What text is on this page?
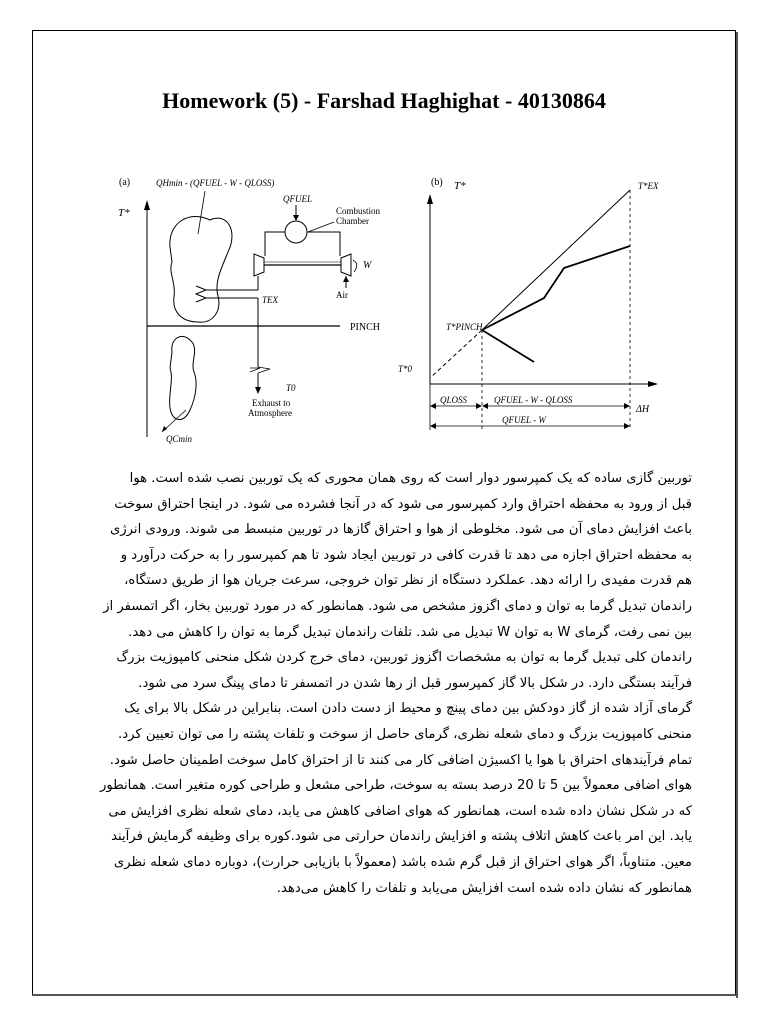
Homework (5) - Farshad Haghighat - 40130864
(a)
T*
QHmin - (QFUEL - W - QLOSS)
QFUEL
Combustion Chamber
W
Air
TEX
PINCH
QCmin
T0
Exhaust to Atmosphere
(b) T*	T*EX
ΔH
T*PINCH
T*0
QLOSS	QFUEL - W - QLOSS
QFUEL - W

توربین گازی ساده که یک کمپرسور دوار است که روی همان محوری که یک توربین نصب شده است. هوا

قبل از ورود به محفظه احتراق وارد کمپرسور می شود که در آنجا فشرده می شود. در اینجا احتراق سوخت

باعث افزایش دمای آن می شود. مخلوطی از هوا و احتراق گازها در توربین منبسط می شوند. ورودی انرژی

به محفظه احتراق اجازه می دهد تا قدرت کافی در توربین ایجاد شود تا هم کمپرسور را به حرکت درآورد و

هم قدرت مفیدی را ارائه دهد. عملکرد دستگاه از نظر توان خروجی، سرعت جریان هوا از طریق دستگاه،

راندمان تبدیل گرما به توان و دمای اگزوز مشخص می شود. همانطور که در مورد توربین بخار، اگر اتمسفر از

بین نمی رفت، گرمای W به توان W تبدیل می شد. تلفات راندمان تبدیل گرما به توان را کاهش می دهد.

راندمان کلی تبدیل گرما به توان به مشخصات اگزوز توربین، دمای خرج کردن شکل منحنی کامپوزیت بزرگ

فرآیند بستگی دارد. در شکل بالا گاز کمپرسور قبل از رها شدن در اتمسفر تا دمای پینگ سرد می شود.

گرمای آزاد شده از گاز دودکش بین دمای پینچ و محیط از دست دادن است. بنابراین در شکل بالا برای یک

منحنی کامپوزیت بزرگ و دمای شعله نظری، گرمای حاصل از سوخت و تلفات پشته را می توان تعیین کرد.

تمام فرآیندهای احتراق با هوا یا اکسیژن اضافی کار می کنند تا از احتراق کامل سوخت اطمینان حاصل شود.

هوای اضافی معمولاً بین 5 تا 20 درصد بسته به سوخت، طراحی مشعل و طراحی کوره متغیر است. همانطور

که در شکل نشان داده شده است، همانطور که هوای اضافی کاهش می یابد، دمای شعله نظری افزایش می

یابد. این امر باعث کاهش اتلاف پشته و افزایش راندمان حرارتی می شود.کوره برای وظیفه گرمایش فرآیند

معین. متناوباً، اگر هوای احتراق از قبل گرم شده باشد (معمولاً با بازیابی حرارت)، دوباره دمای شعله نظری

همانطور که نشان داده شده است افزایش می‌یابد و تلفات را کاهش می‌دهد.
